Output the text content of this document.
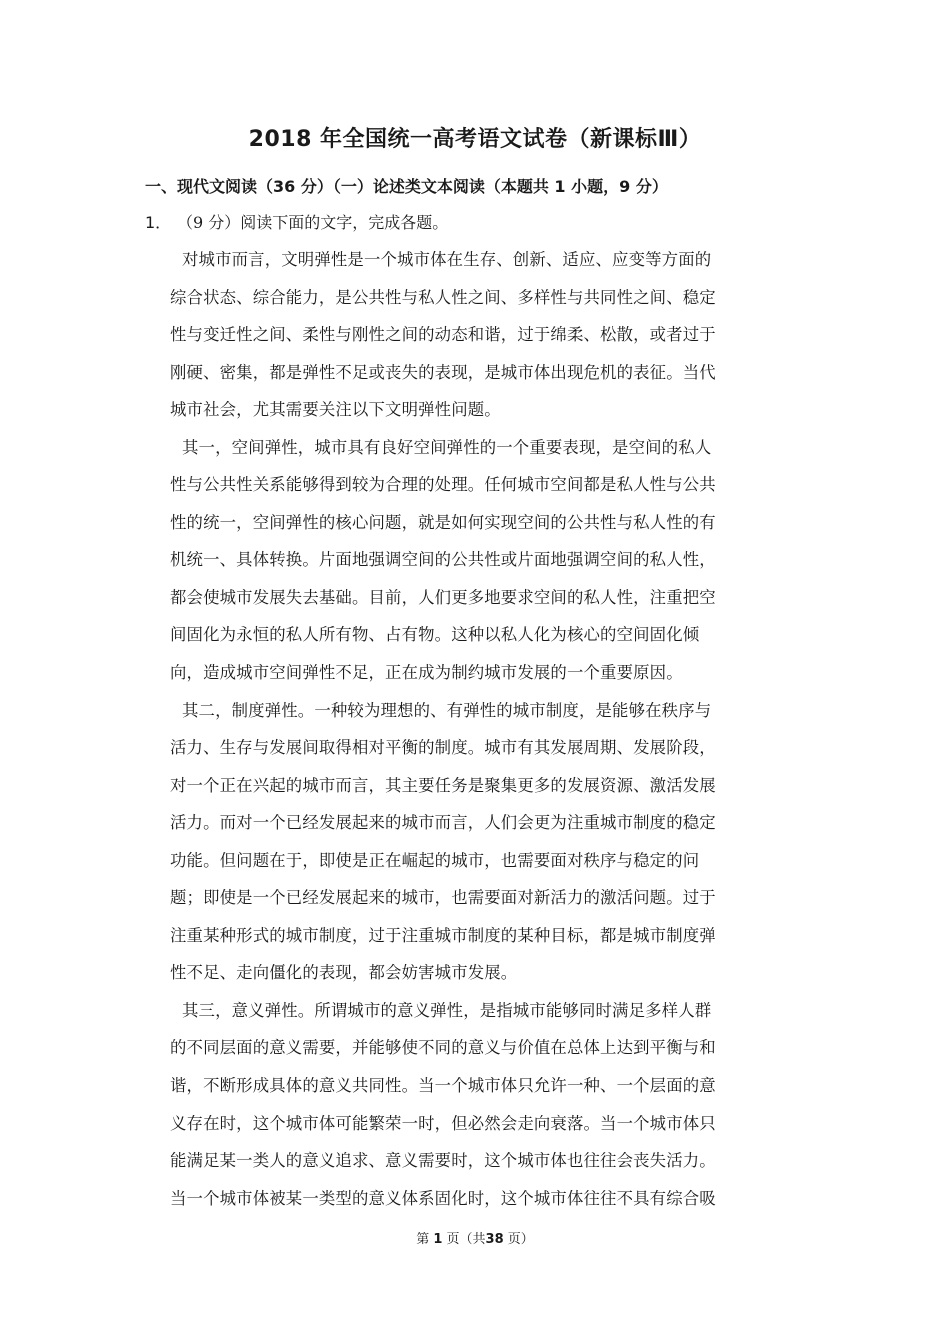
2018 年全国统一高考语文试卷（新课标Ⅲ）
一、现代文阅读（36 分）（一）论述类文本阅读（本题共 1 小题，9 分）
1． （9 分）阅读下面的文字，完成各题。
对城市而言，文明弹性是一个城市体在生存、创新、适应、应变等方面的
综合状态、综合能力，是公共性与私人性之间、多样性与共同性之间、稳定
性与变迁性之间、柔性与刚性之间的动态和谐，过于绵柔、松散，或者过于
刚硬、密集，都是弹性不足或丧失的表现，是城市体出现危机的表征。当代
城市社会，尤其需要关注以下文明弹性问题。
其一，空间弹性，城市具有良好空间弹性的一个重要表现，是空间的私人
性与公共性关系能够得到较为合理的处理。任何城市空间都是私人性与公共
性的统一，空间弹性的核心问题，就是如何实现空间的公共性与私人性的有
机统一、具体转换。片面地强调空间的公共性或片面地强调空间的私人性，
都会使城市发展失去基础。目前，人们更多地要求空间的私人性，注重把空
间固化为永恒的私人所有物、占有物。这种以私人化为核心的空间固化倾
向，造成城市空间弹性不足，正在成为制约城市发展的一个重要原因。
其二，制度弹性。一种较为理想的、有弹性的城市制度，是能够在秩序与
活力、生存与发展间取得相对平衡的制度。城市有其发展周期、发展阶段，
对一个正在兴起的城市而言，其主要任务是聚集更多的发展资源、激活发展
活力。而对一个已经发展起来的城市而言，人们会更为注重城市制度的稳定
功能。但问题在于，即使是正在崛起的城市，也需要面对秩序与稳定的问
题；即使是一个已经发展起来的城市，也需要面对新活力的激活问题。过于
注重某种形式的城市制度，过于注重城市制度的某种目标，都是城市制度弹
性不足、走向僵化的表现，都会妨害城市发展。
其三，意义弹性。所谓城市的意义弹性，是指城市能够同时满足多样人群
的不同层面的意义需要，并能够使不同的意义与价值在总体上达到平衡与和
谐，不断形成具体的意义共同性。当一个城市体只允许一种、一个层面的意
义存在时，这个城市体可能繁荣一时，但必然会走向衰落。当一个城市体只
能满足某一类人的意义追求、意义需要时，这个城市体也往往会丧失活力。
当一个城市体被某一类型的意义体系固化时，这个城市体往往不具有综合吸
第 1 页（共38 页）
